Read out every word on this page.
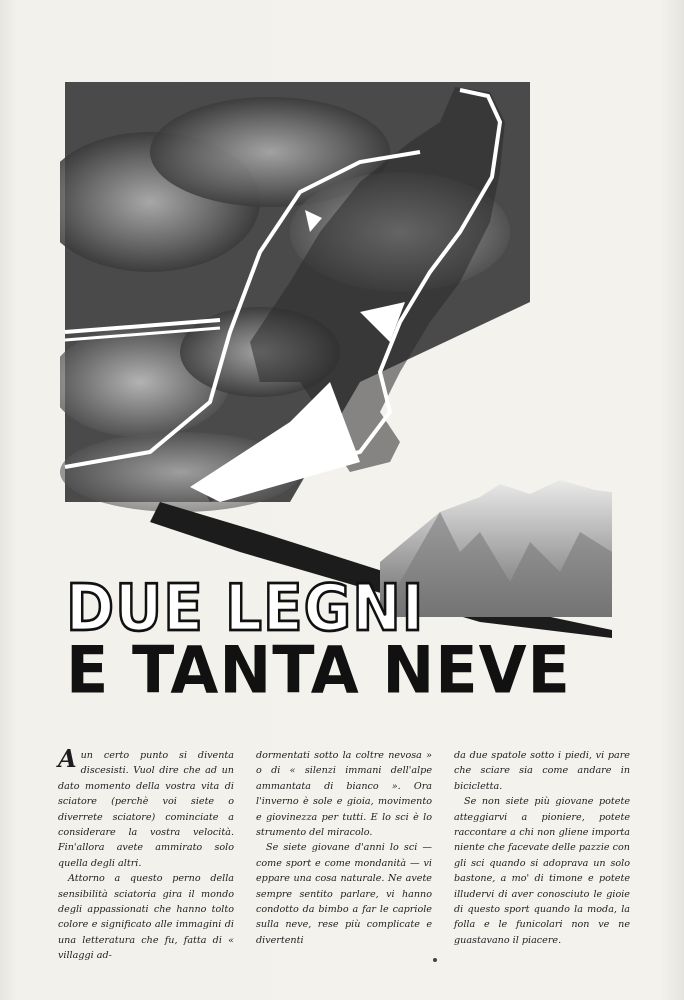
DUE LEGNI
E TANTA NEVE

Aun certo punto si diventa discesisti. Vuol dire che ad un dato momento della vostra vita di sciatore (perchè voi siete o diverrete sciatore) cominciate a considerare la vostra velocità. Fin'allora avete ammirato solo quella degli altri.

Attorno a questo perno della sensibilità sciatoria gira il mondo degli appassionati che hanno tolto colore e significato alle immagini di una letteratura che fu, fatta di « villaggi ad-

dormentati sotto la coltre nevosa » o di « silenzi immani dell'alpe ammantata di bianco ». Ora l'inverno è sole e gioia, movimento e giovinezza per tutti. E lo sci è lo strumento del miracolo.

Se siete giovane d'anni lo sci — come sport e come mondanità — vi eppare una cosa naturale. Ne avete sempre sentito parlare, vi hanno condotto da bimbo a far le capriole sulla neve, rese più complicate e divertenti

da due spatole sotto i piedi, vi pare che sciare sia come andare in bicicletta.

Se non siete più giovane potete atteggiarvi a pioniere, potete raccontare a chi non gliene importa niente che facevate delle pazzie con gli sci quando si adoprava un solo bastone, a mo' di timone e potete illudervi di aver conosciuto le gioie di questo sport quando la moda, la folla e le funicolari non ve ne guastavano il piacere.
